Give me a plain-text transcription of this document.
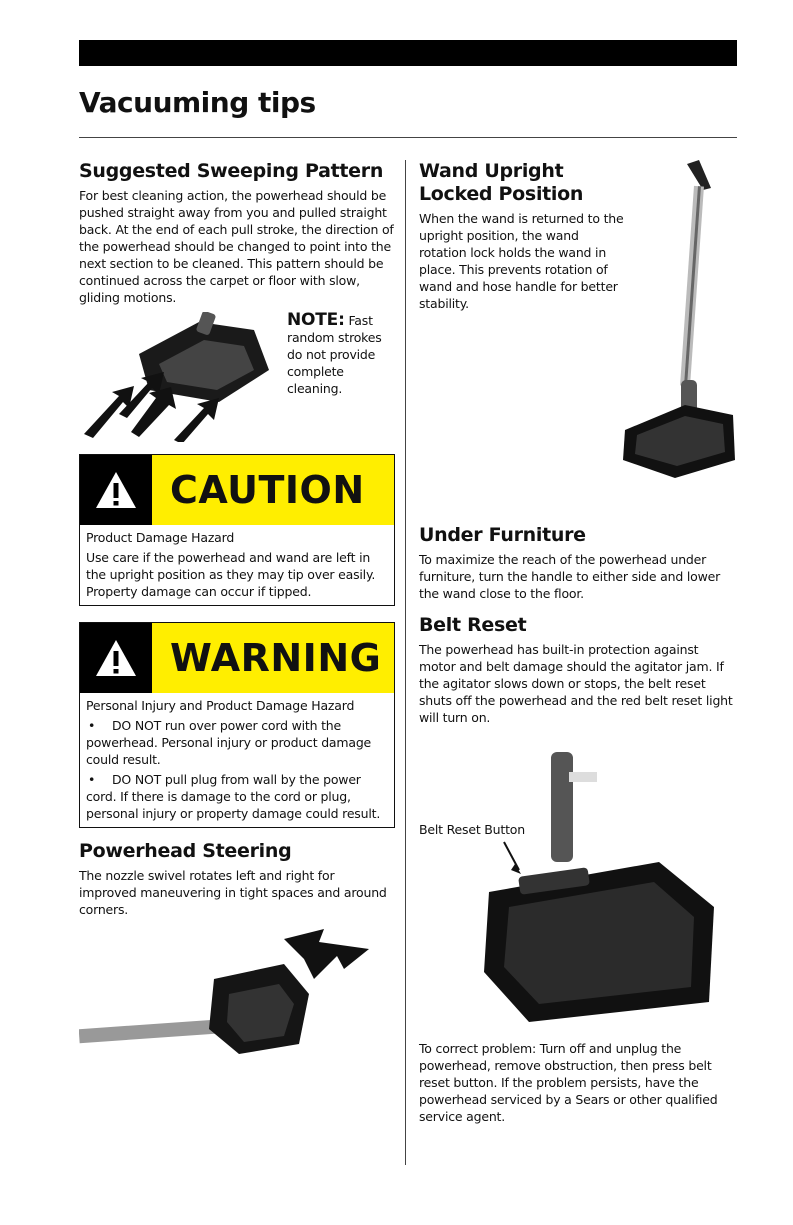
Vacuuming tips
Suggested Sweeping Pattern

For best cleaning action, the powerhead should be pushed straight away from you and pulled straight back. At the end of each pull stroke, the direction of the powerhead should be changed to point into the next section to be cleaned. This pattern should be continued across the carpet or floor with slow, gliding motions.

NOTE: Fast random strokes do not provide complete cleaning.
CAUTION
Product Damage Hazard
Use care if the powerhead and wand are left in the upright position as they may tip over easily. Property damage can occur if tipped.
WARNING
Personal Injury and Product Damage Hazard
• DO NOT run over power cord with the powerhead. Personal injury or product damage could result.
• DO NOT pull plug from wall by the power cord. If there is damage to the cord or plug, personal injury or property damage could result.
Powerhead Steering

The nozzle swivel rotates left and right for improved maneuvering in tight spaces and around corners.

Wand Upright Locked Position

When the wand is returned to the upright position, the wand rotation lock holds the wand in place. This prevents rotation of wand and hose handle for better stability.

Under Furniture

To maximize the reach of the powerhead under furniture, turn the handle to either side and lower the wand close to the floor.

Belt Reset

The powerhead has built-in protection against motor and belt damage should the agitator jam. If the agitator slows down or stops, the belt reset shuts off the powerhead and the red belt reset light will turn on.

Belt Reset Button

To correct problem: Turn off and unplug the powerhead, remove obstruction, then press belt reset button. If the problem persists, have the powerhead serviced by a Sears or other qualified service agent.
